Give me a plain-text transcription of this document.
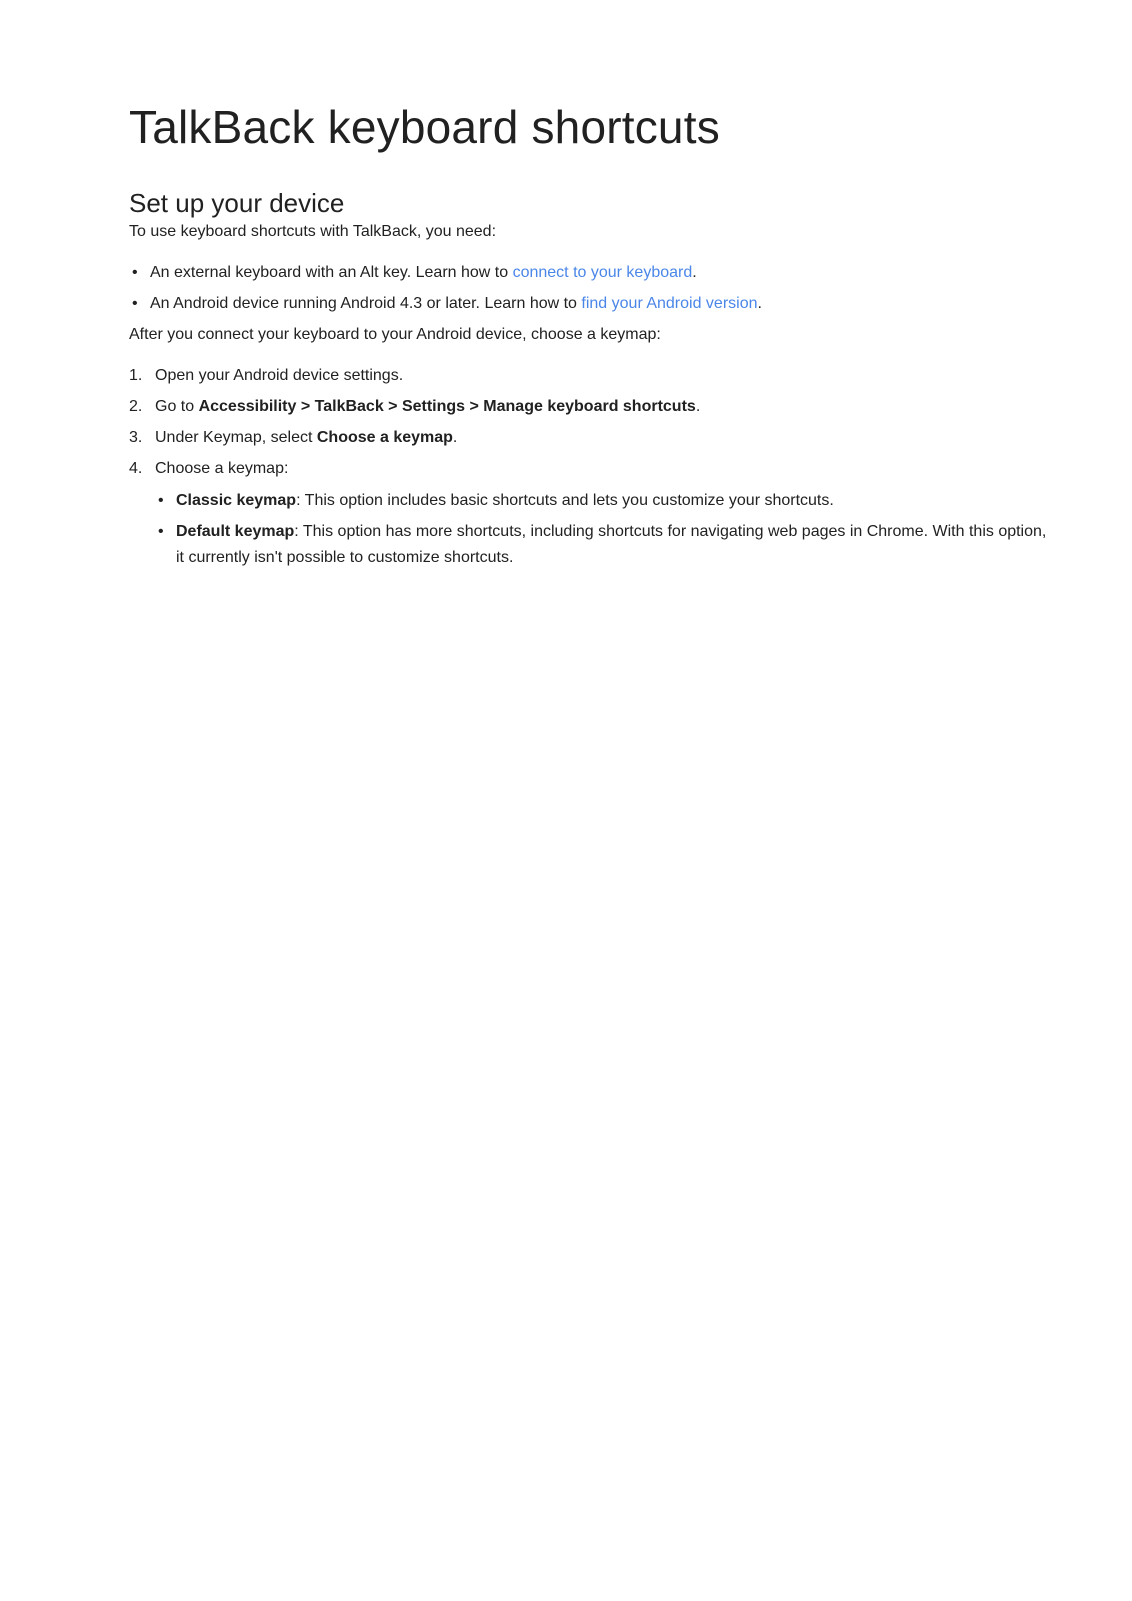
TalkBack keyboard shortcuts
Set up your device

To use keyboard shortcuts with TalkBack, you need:

• An external keyboard with an Alt key. Learn how to connect to your keyboard.
• An Android device running Android 4.3 or later. Learn how to find your Android version.

After you connect your keyboard to your Android device, choose a keymap:

1. Open your Android device settings.
2. Go to Accessibility > TalkBack > Settings > Manage keyboard shortcuts.
3. Under Keymap, select Choose a keymap.
4. Choose a keymap:
• Classic keymap: This option includes basic shortcuts and lets you customize your shortcuts.
• Default keymap: This option has more shortcuts, including shortcuts for navigating web pages in Chrome. With this option, it currently isn't possible to customize shortcuts.
